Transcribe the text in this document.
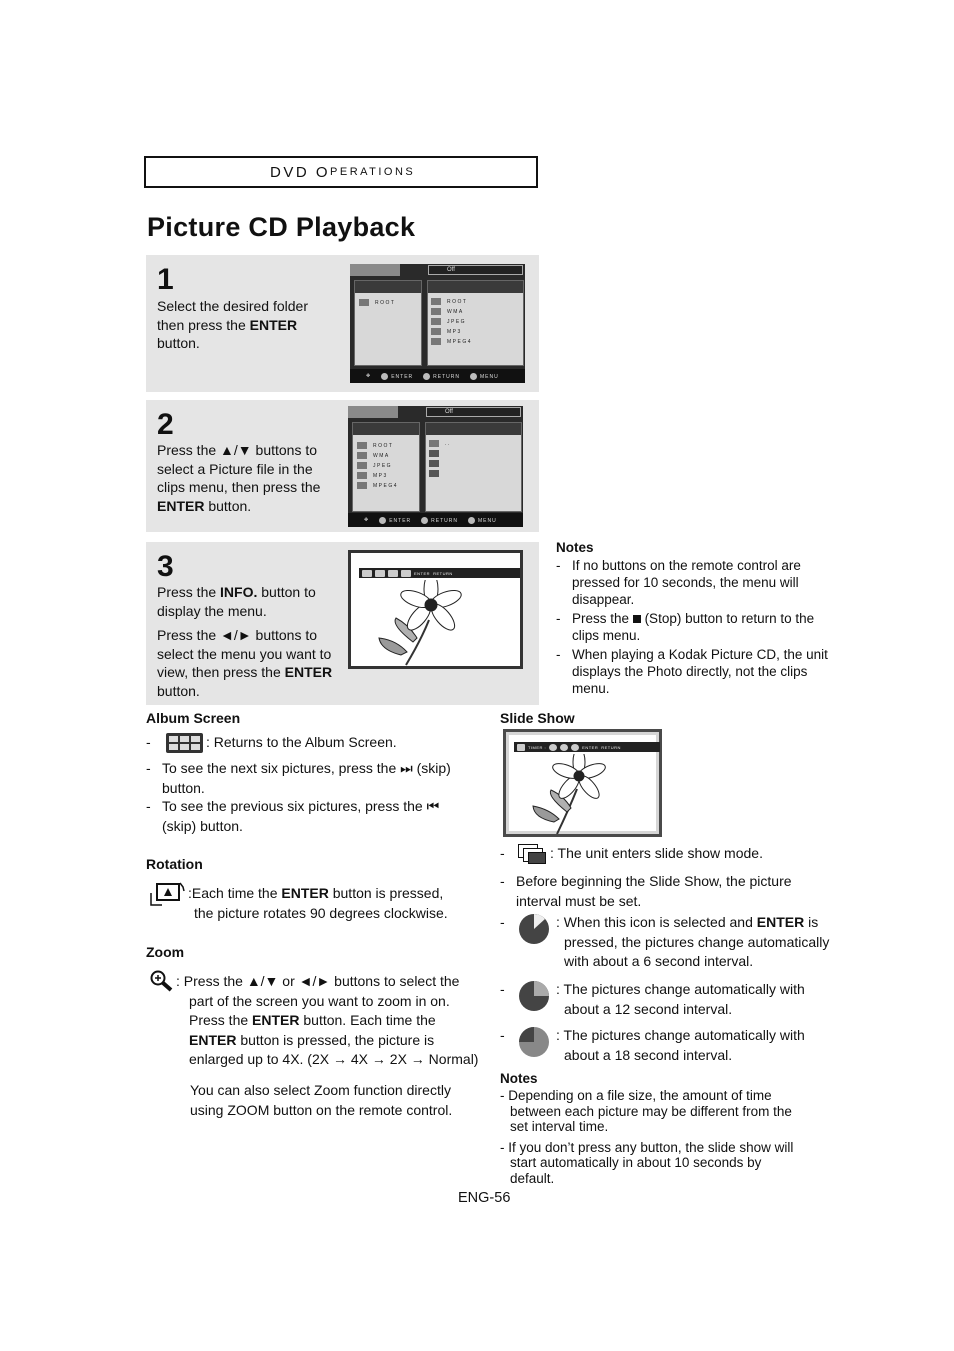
DVD O PERATIONS
Picture CD Playback
1

Select the desired folder

then press the ENTER

button.

Off
ROOT	ROOT
WMA
JPEG
MP3
MPEG4
✥	ENTER	RETURN	MENU
2

Press the ▲/▼ buttons to

select a Picture file in the

clips menu, then press the

ENTER button.

Off
ROOT
WMA
JPEG
MP3
MPEG4
..
✥	ENTER	RETURN	MENU
3

Press the INFO. button to

display the menu.

Press the ◄/► buttons to

select the menu you want to

view, then press the ENTER

button.

ENTER RETURN
Notes
- If no buttons on the remote control are pressed for 10 seconds, the menu will disappear.
- Press the (Stop) button to return to the clips menu.
- When playing a Kodak Picture CD, the unit displays the Photo directly, not the clips menu.
Album Screen
-	: Returns to the Album Screen.
- To see the next six pictures, press the ⏭ (skip)
button.
- To see the previous six pictures, press the ⏮
(skip) button.
Rotation
:Each time the ENTER button is pressed,
the picture rotates 90 degrees clockwise.
Zoom
: Press the ▲/▼ or ◄/► buttons to select the
part of the screen you want to zoom in on.
Press the ENTER button. Each time the
ENTER button is pressed, the picture is
enlarged up to 4X. (2X → 4X → 2X → Normal)
You can also select Zoom function directly
using ZOOM button on the remote control.
Slide Show
TIMER :	ENTER RETURN
-	: The unit enters slide show mode.
- Before beginning the Slide Show, the picture
interval must be set.
-	: When this icon is selected and ENTER is
pressed, the pictures change automatically
with about a 6 second interval.
-	: The pictures change automatically with
about a 12 second interval.
-	: The pictures change automatically with
about a 18 second interval.
Notes
- Depending on a file size, the amount of time
between each picture may be different from the
set interval time.
- If you don’t press any button, the slide show will
start automatically in about 10 seconds by
default.
ENG-56
